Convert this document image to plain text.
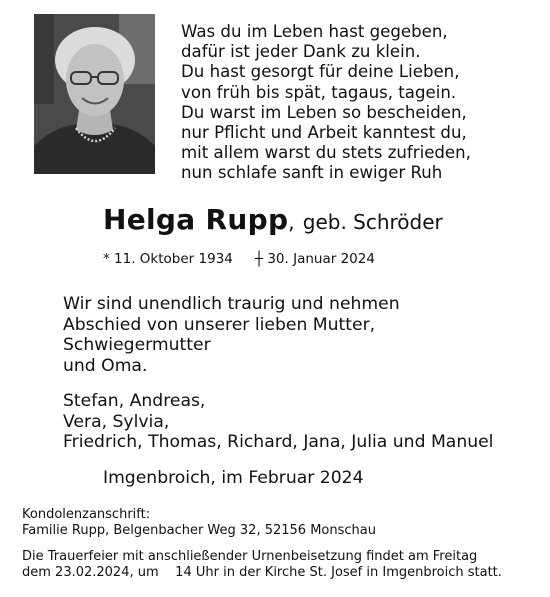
Was du im Leben hast gegeben,
dafür ist jeder Dank zu klein.
Du hast gesorgt für deine Lieben,
von früh bis spät, tagaus, tagein.
Du warst im Leben so bescheiden,
nur Pflicht und Arbeit kanntest du,
mit allem warst du stets zufrieden,
nun schlafe sanft in ewiger Ruh
Helga Rupp, geb. Schröder
* 11. Oktober 1934 ┼ 30. Januar 2024
Wir sind unendlich traurig und nehmen
Abschied von unserer lieben Mutter,
Schwiegermutter
und Oma.
Stefan, Andreas,
Vera, Sylvia,
Friedrich, Thomas, Richard, Jana, Julia und Manuel
Imgenbroich, im Februar 2024
Kondolenzanschrift:
Familie Rupp, Belgenbacher Weg 32, 52156 Monschau
Die Trauerfeier mit anschließender Urnenbeisetzung findet am Freitag
dem 23.02.2024, um    14 Uhr in der Kirche St. Josef in Imgenbroich statt.
